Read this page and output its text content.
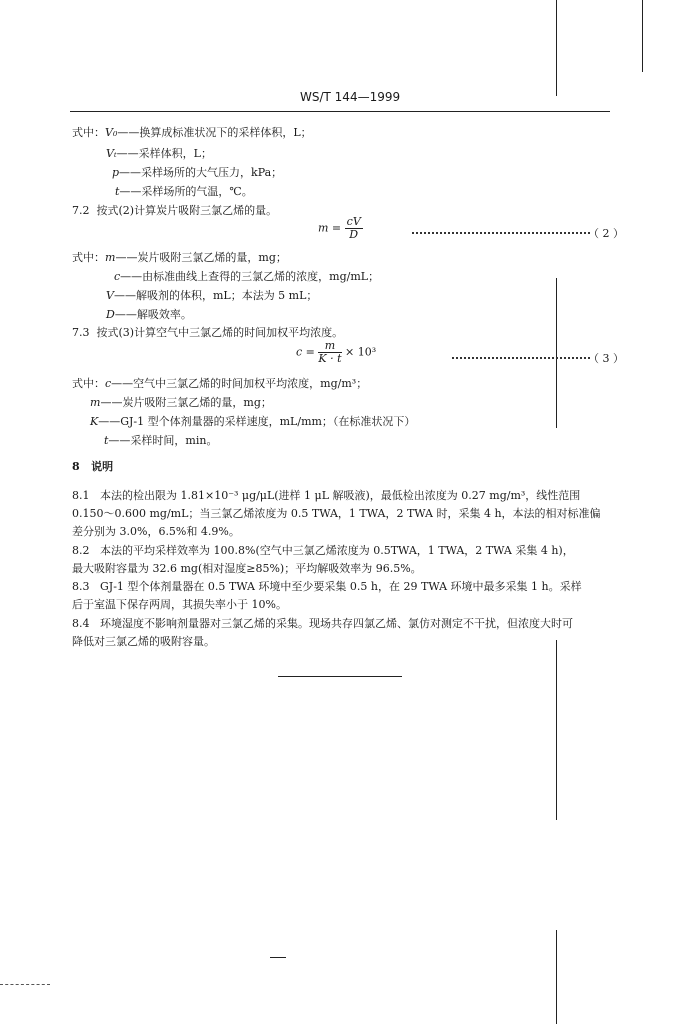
WS/T 144—1999
式中：V₀——换算成标准状况下的采样体积，L；
Vₜ——采样体积，L；
p——采样场所的大气压力，kPa；
t——采样场所的气温，℃。
7.2 按式(2)计算炭片吸附三氯乙烯的量。
$m = \frac{cV}{D}$	（ 2 ）
式中：m——炭片吸附三氯乙烯的量，mg；
c——由标准曲线上查得的三氯乙烯的浓度，mg/mL；
V——解吸剂的体积，mL；本法为 5 mL；
D——解吸效率。
7.3 按式(3)计算空气中三氯乙烯的时间加权平均浓度。
$c = \frac{m}{K \cdot t} \times 10^3$	（ 3 ）
式中：c——空气中三氯乙烯的时间加权平均浓度，mg/m³；
m——炭片吸附三氯乙烯的量，mg；
K——GJ-1 型个体剂量器的采样速度，mL/mm；（在标准状况下）
t——采样时间，min。
8 说明
8.1 本法的检出限为 1.81×10⁻³ μg/μL(进样 1 μL 解吸液)，最低检出浓度为 0.27 mg/m³，线性范围
0.150～0.600 mg/mL；当三氯乙烯浓度为 0.5 TWA，1 TWA，2 TWA 时，采集 4 h，本法的相对标准偏
差分别为 3.0%，6.5%和 4.9%。
8.2 本法的平均采样效率为 100.8%(空气中三氯乙烯浓度为 0.5TWA，1 TWA，2 TWA 采集 4 h)，
最大吸附容量为 32.6 mg(相对湿度≥85%)；平均解吸效率为 96.5%。
8.3 GJ-1 型个体剂量器在 0.5 TWA 环境中至少要采集 0.5 h，在 29 TWA 环境中最多采集 1 h。采样
后于室温下保存两周，其损失率小于 10%。
8.4 环境湿度不影响剂量器对三氯乙烯的采集。现场共存四氯乙烯、氯仿对测定不干扰，但浓度大时可
降低对三氯乙烯的吸附容量。
